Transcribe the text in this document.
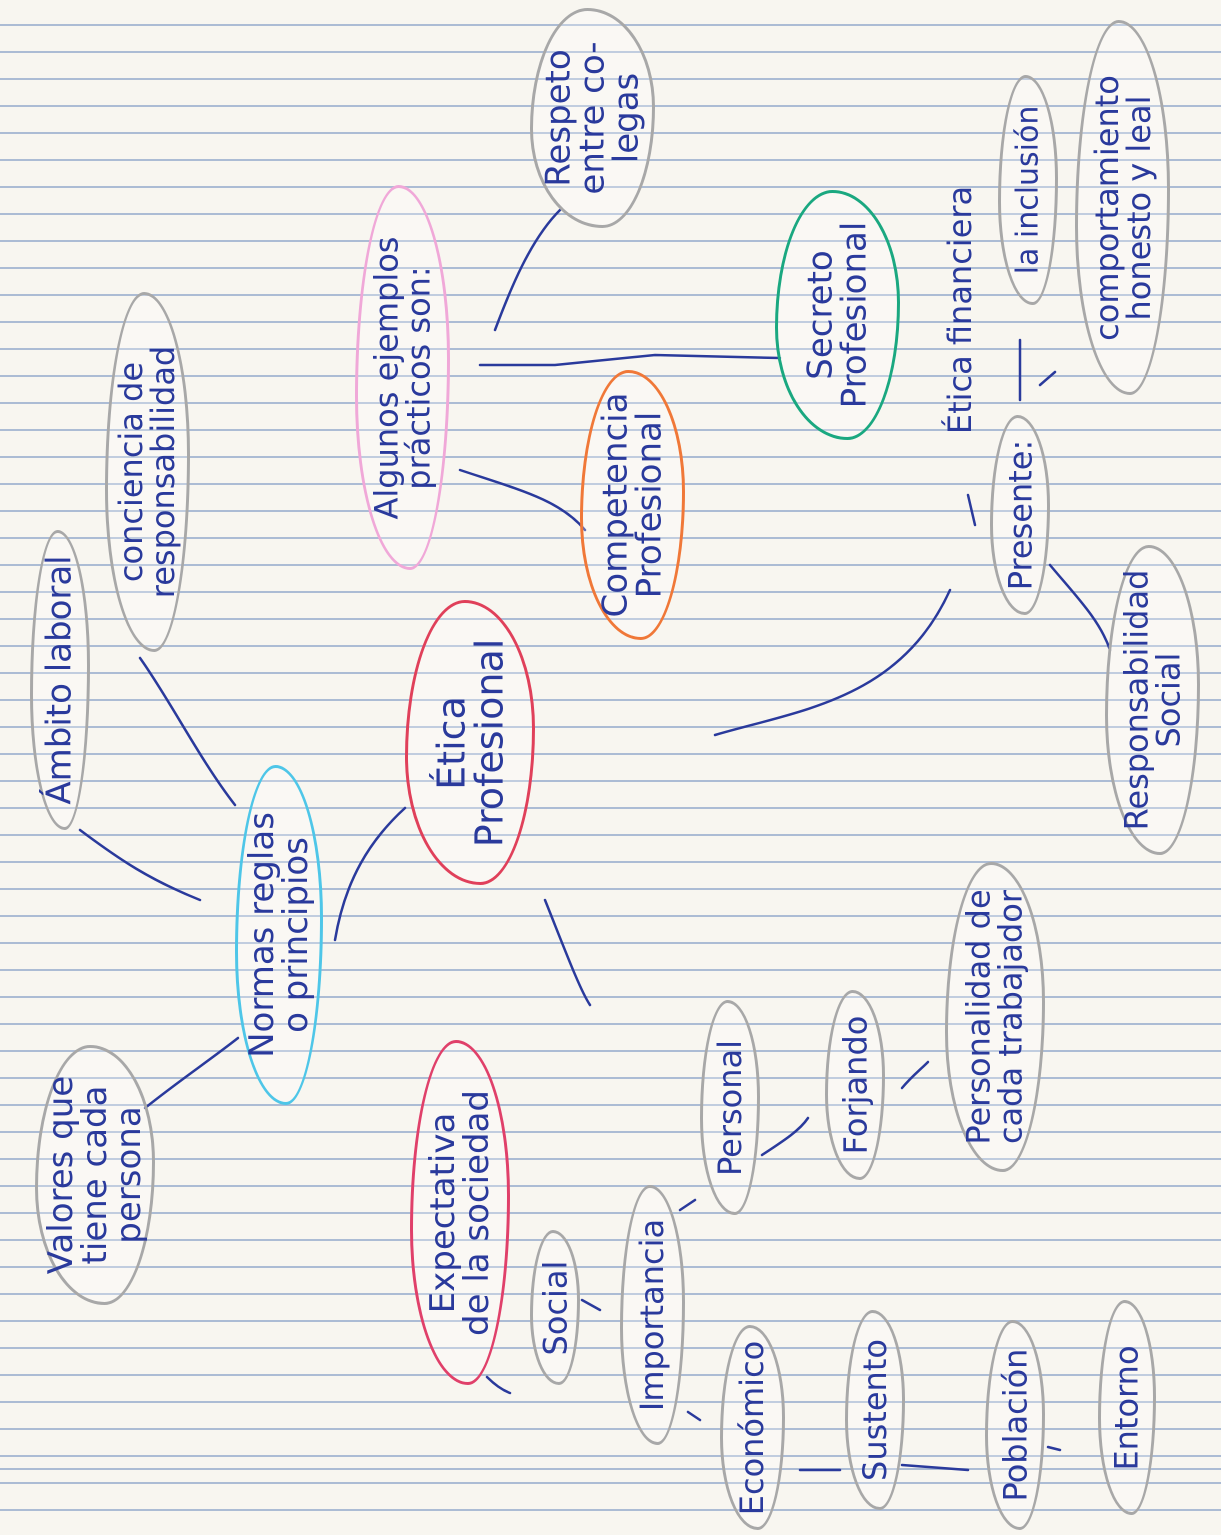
Ética
Profesional
Normas reglas
o principios
Ámbito laboral
conciencia de
responsabilidad
Valores que
tiene cada
persona
Algunos ejemplos
prácticos son:
Competencia
Profesional
Secreto
Profesional
Respeto
entre co-
legas
Presente:
Ética financiera la inclusión comportamiento
honesto y leal
Responsabilidad
Social
Expectativa
de la sociedad
Importancia
Social
Personal	Forjando	Personalidad de
cada trabajador
Económico	Sustento	Población Entorno
